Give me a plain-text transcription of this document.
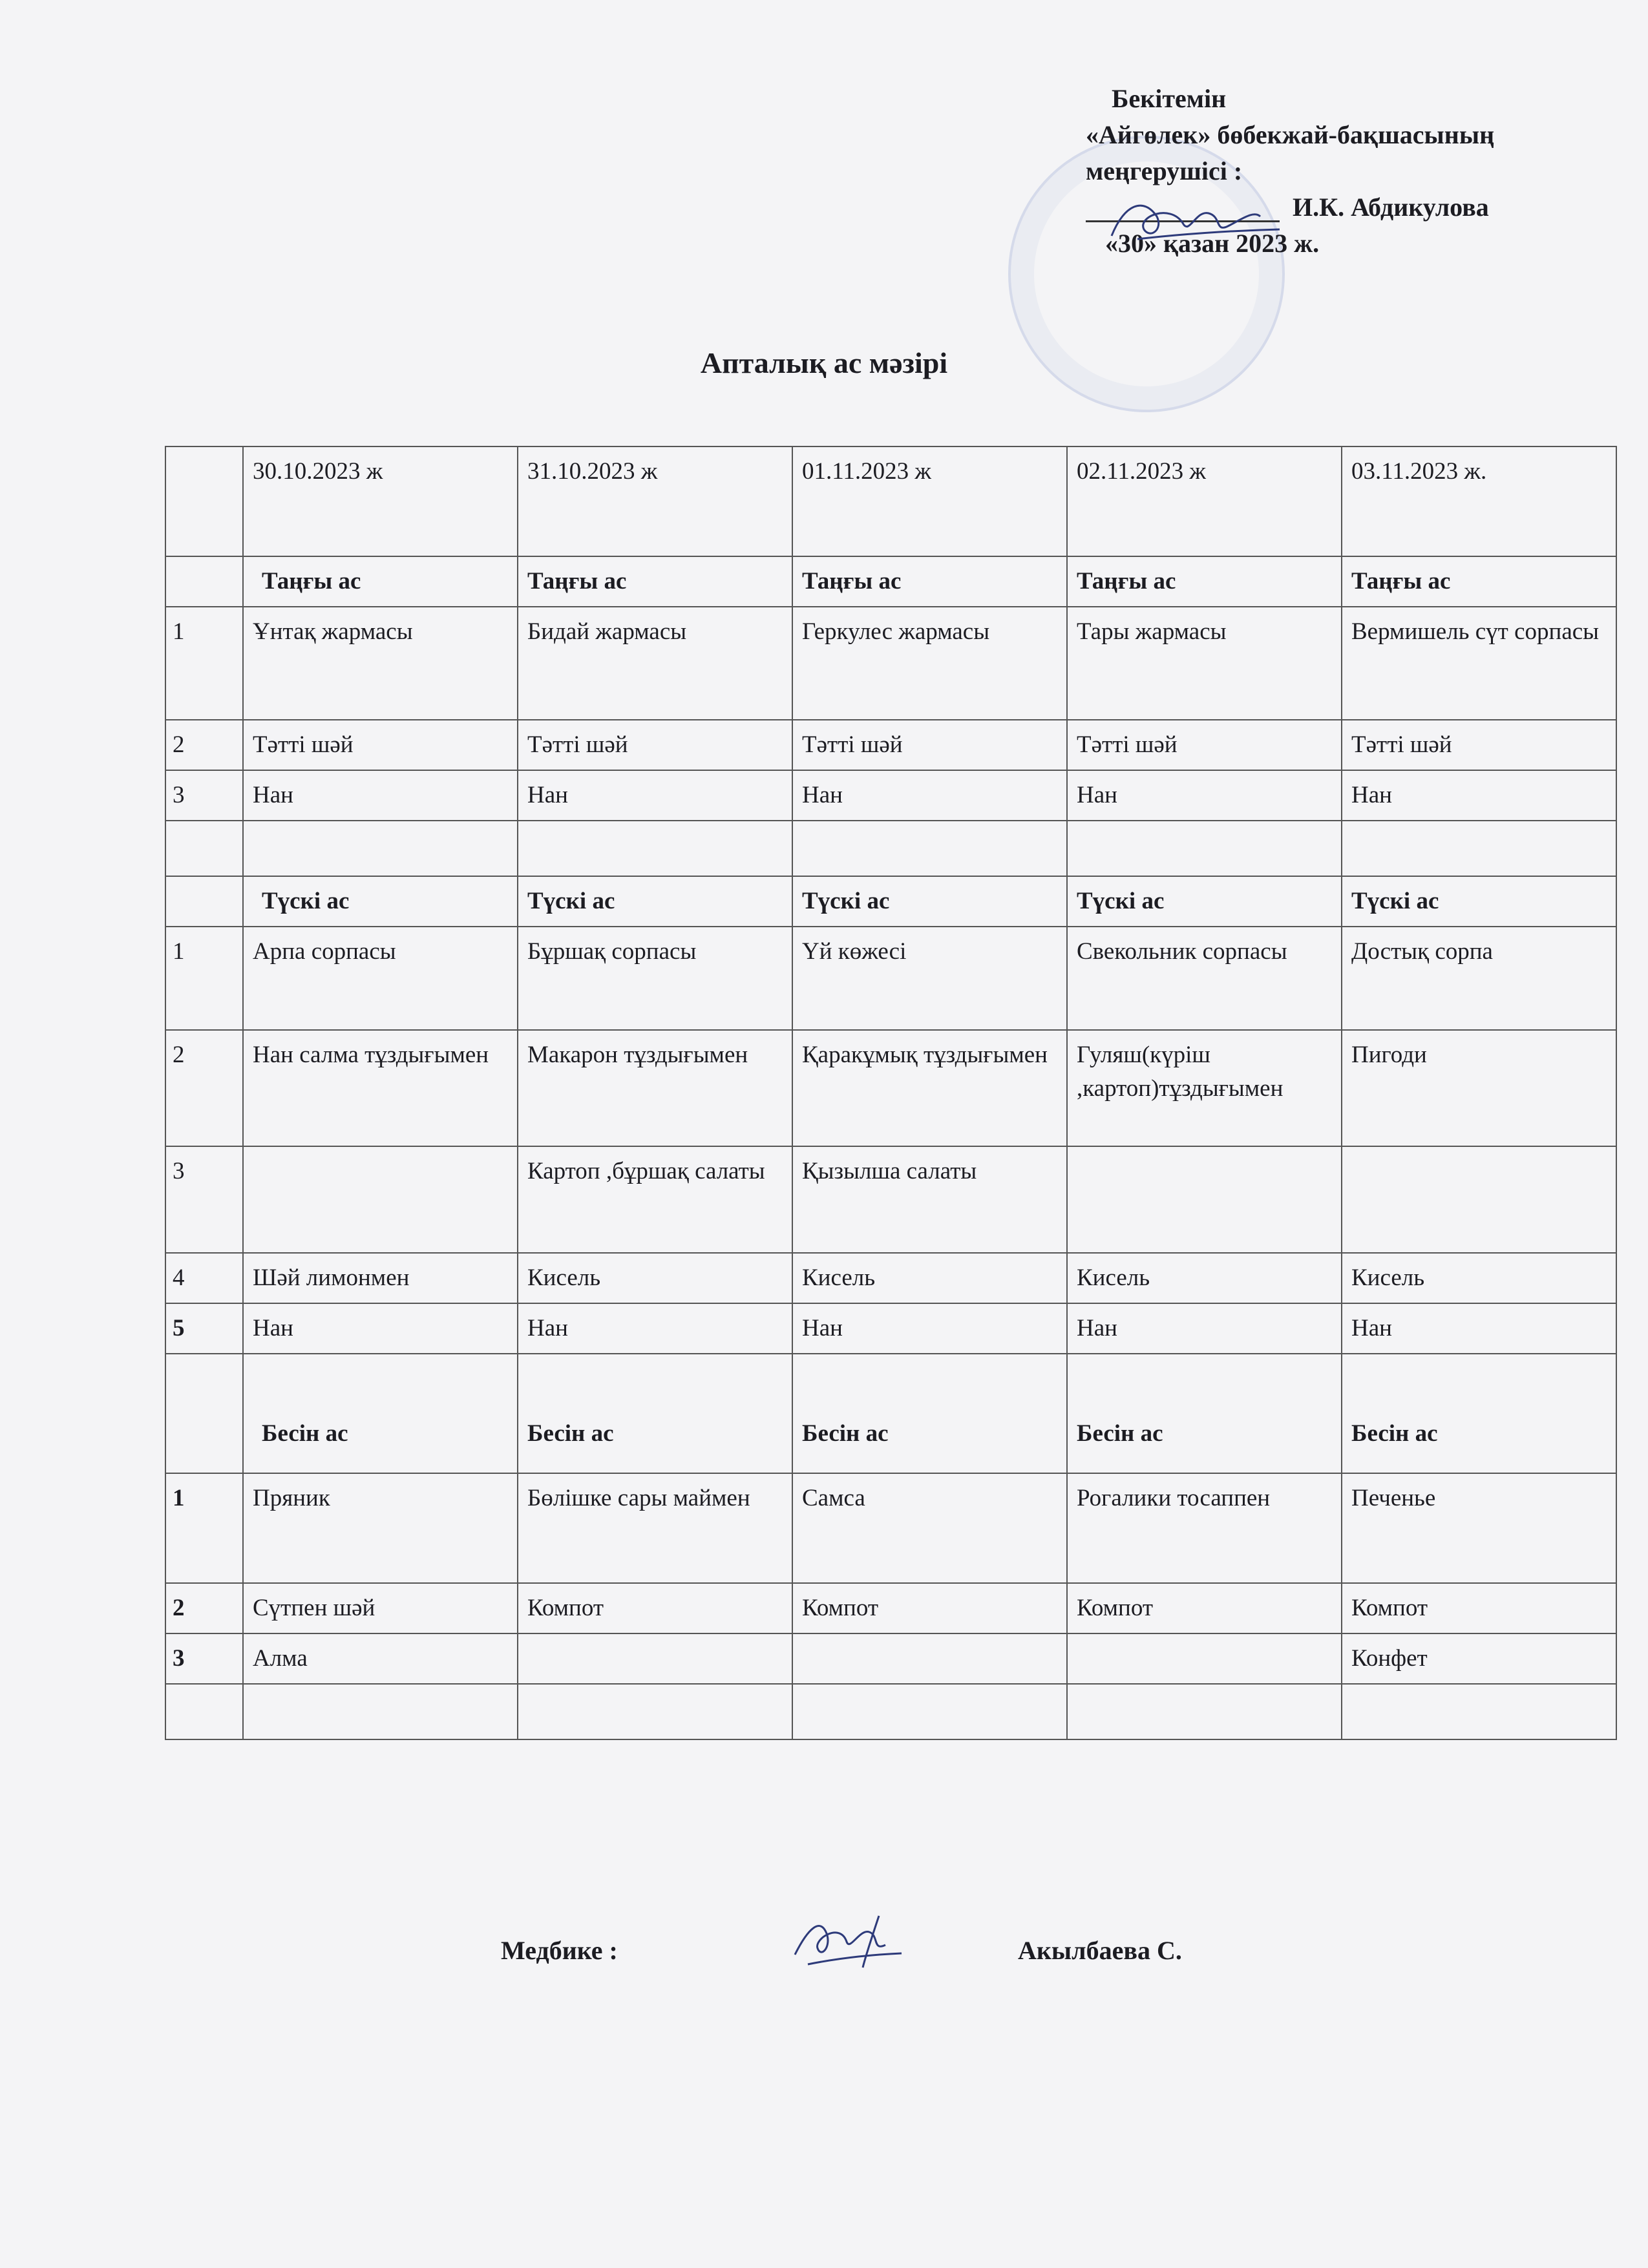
Бекітемін
«Айгөлек» бөбекжай-бақшасының
меңгерушісі :
И.К. Абдикулова
«30» қазан 2023 ж.
Апталық ас мәзірі
	30.10.2023 ж	31.10.2023 ж	01.11.2023 ж	02.11.2023 ж	03.11.2023 ж.
	Таңғы ас	Таңғы ас	Таңғы ас	Таңғы ас	Таңғы ас
1	Ұнтақ жармасы	Бидай жармасы	Геркулес жармасы	Тары жармасы	Вермишель сүт сорпасы
2	Тәтті шәй	Тәтті шәй	Тәтті шәй	Тәтті шәй	Тәтті шәй
3	Нан	Нан	Нан	Нан	Нан

	Түскі ас	Түскі ас	Түскі ас	Түскі ас	Түскі ас
1	Арпа сорпасы	Бұршақ сорпасы	Үй көжесі	Свекольник сорпасы	Достық сорпа
2	Нан салма тұздығымен	Макарон тұздығымен	Қаракұмық тұздығымен	Гуляш(күріш ,картоп)тұздығымен	Пигоди
3		Картоп ,бұршақ салаты	Қызылша салаты		
4	Шәй лимонмен	Кисель	Кисель	Кисель	Кисель
5	Нан	Нан	Нан	Нан	Нан
	Бесін ас	Бесін ас	Бесін ас	Бесін ас	Бесін ас
1	Пряник	Бөлішке сары маймен	Самса	Рогалики тосаппен	Печенье
2	Сүтпен шәй	Компот	Компот	Компот	Компот
3	Алма				Конфет

Медбике :	Акылбаева С.
